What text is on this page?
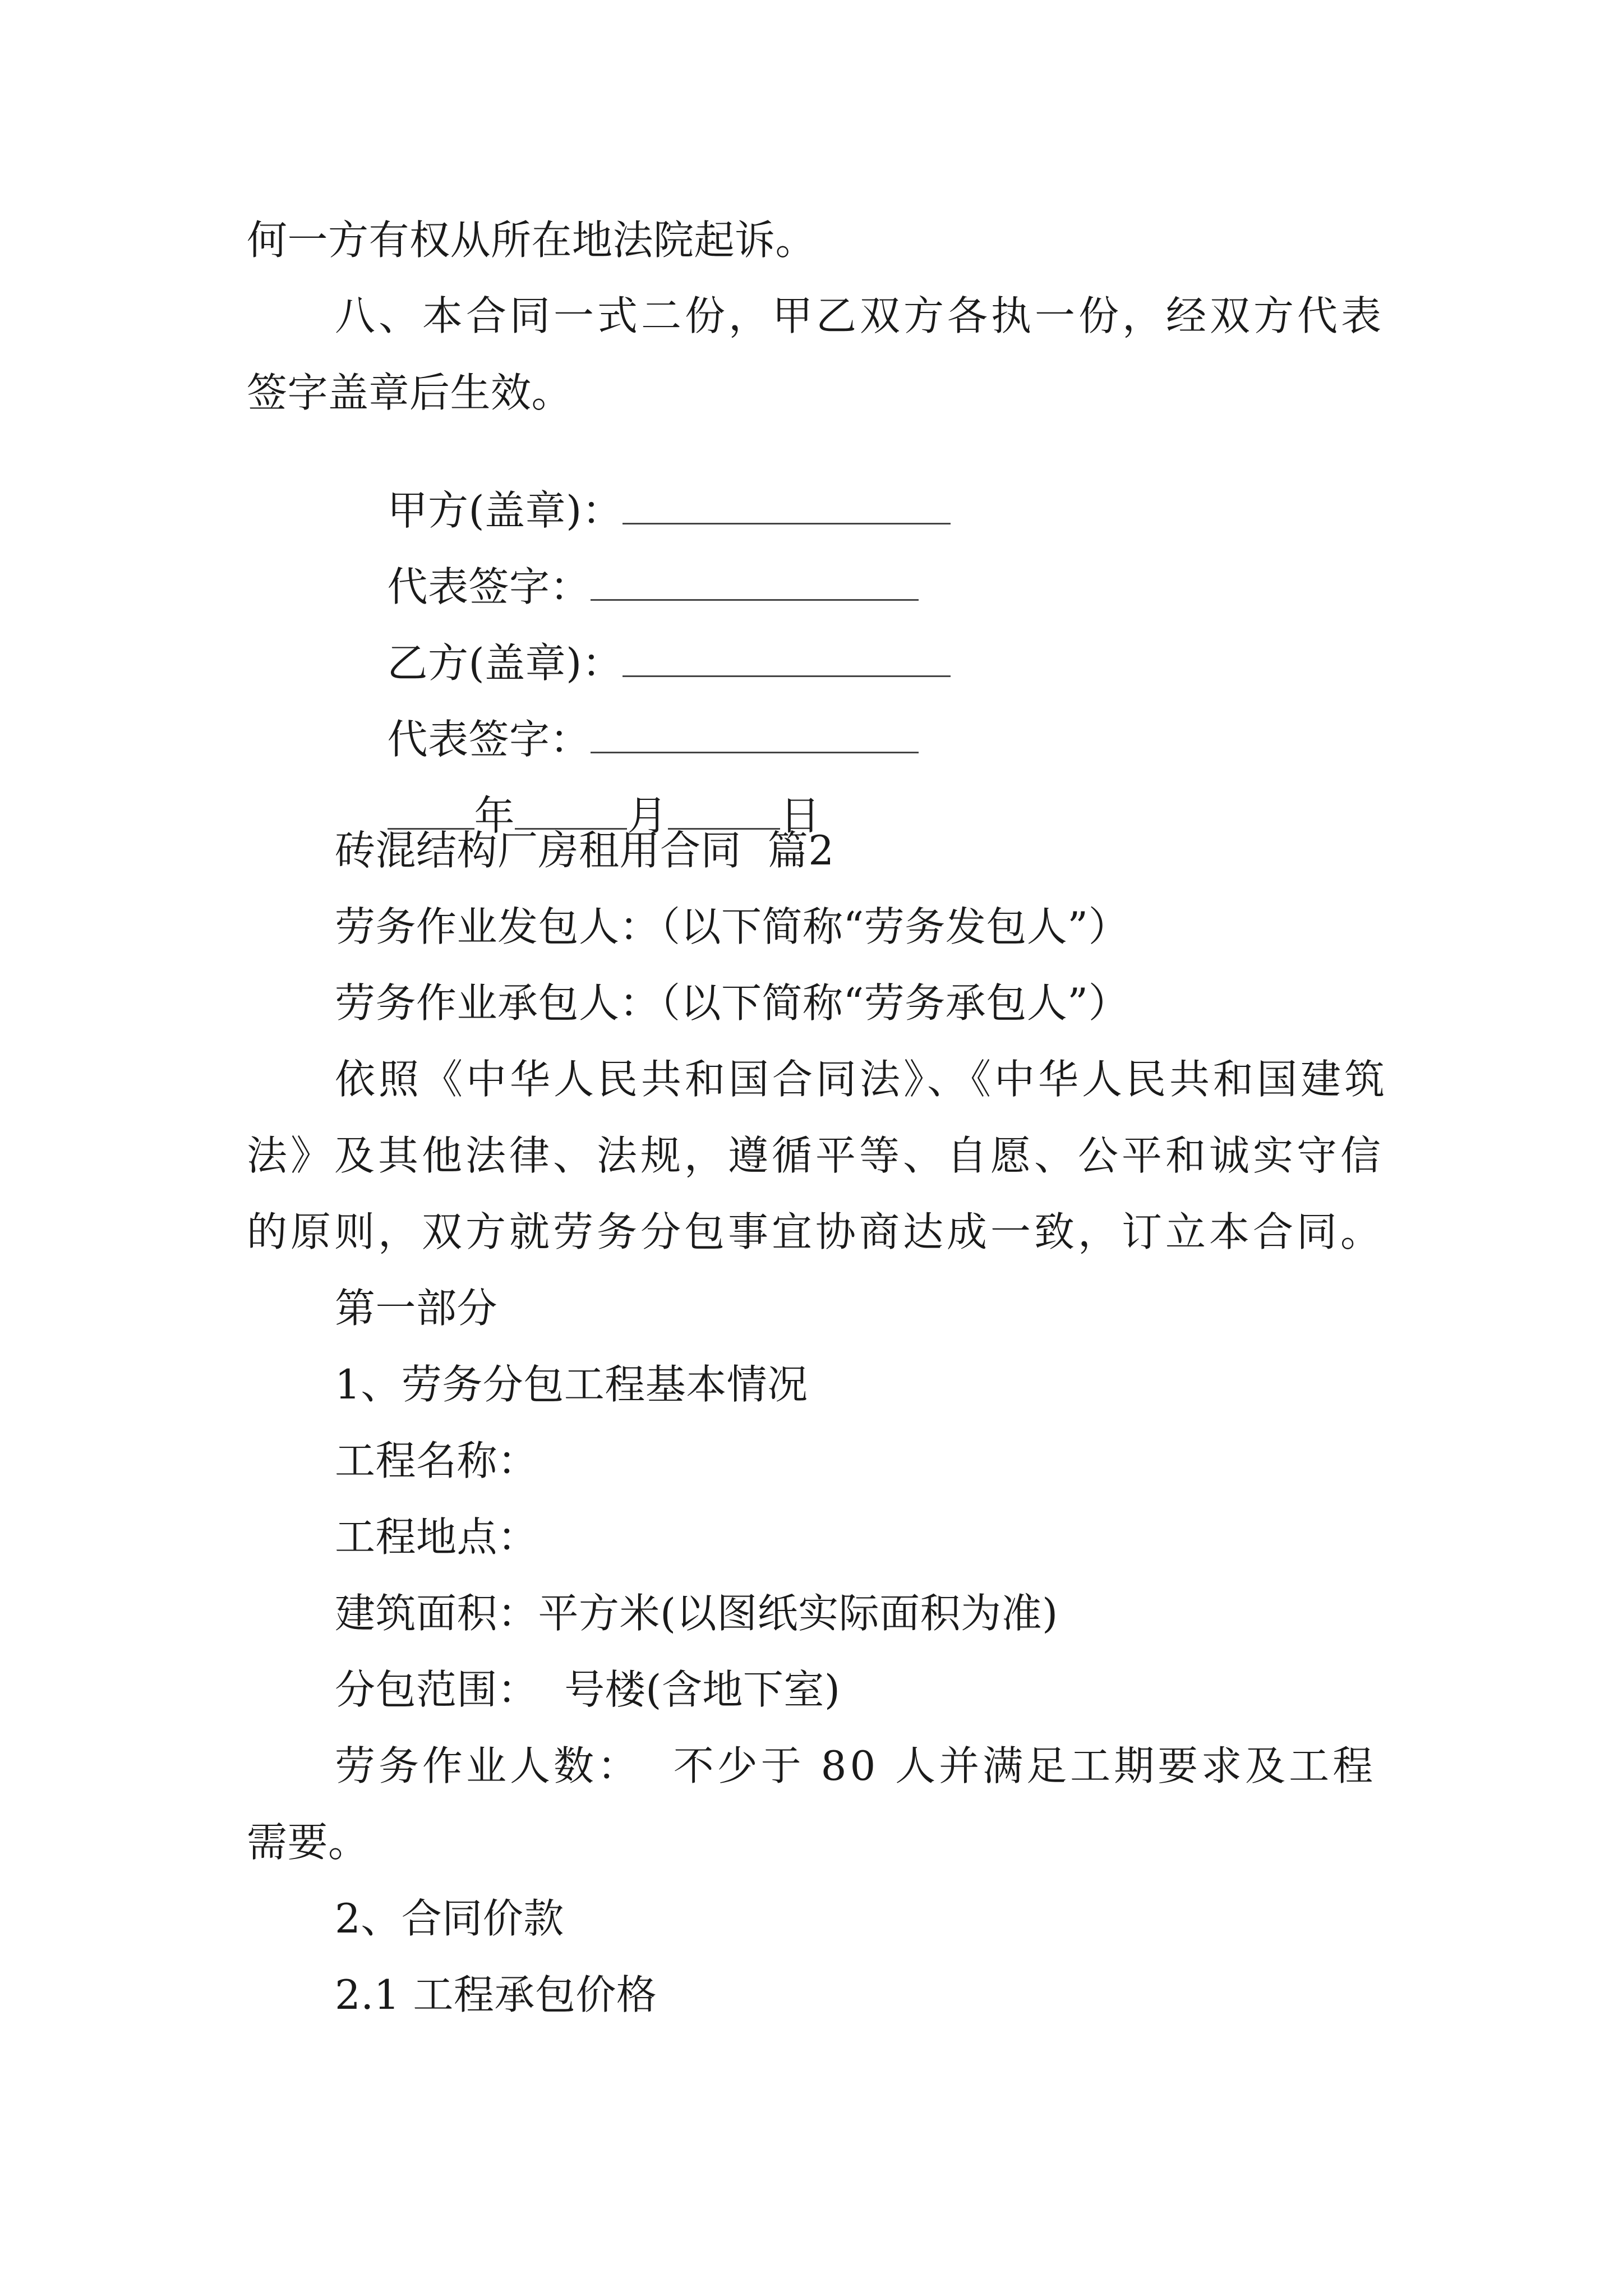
何一方有权从所在地法院起诉。
八、本合同一式二份，甲乙双方各执一份，经双方代表
签字盖章后生效。

甲方(盖章)：

代表签字：

乙方(盖章)：

代表签字：

年	月	日

砖混结构厂房租用合同  篇2
劳务作业发包人：（以下简称“劳务发包人”）
劳务作业承包人：（以下简称“劳务承包人”）
依照《中华人民共和国合同法》、《中华人民共和国建筑
法》及其他法律、法规，遵循平等、自愿、公平和诚实守信
的原则，双方就劳务分包事宜协商达成一致，订立本合同。
第一部分
1、劳务分包工程基本情况
工程名称：
工程地点：
建筑面积：平方米(以图纸实际面积为准)
分包范围：  号楼(含地下室)
劳务作业人数：  不少于 80 人并满足工期要求及工程
需要。
2、合同价款
2.1 工程承包价格
